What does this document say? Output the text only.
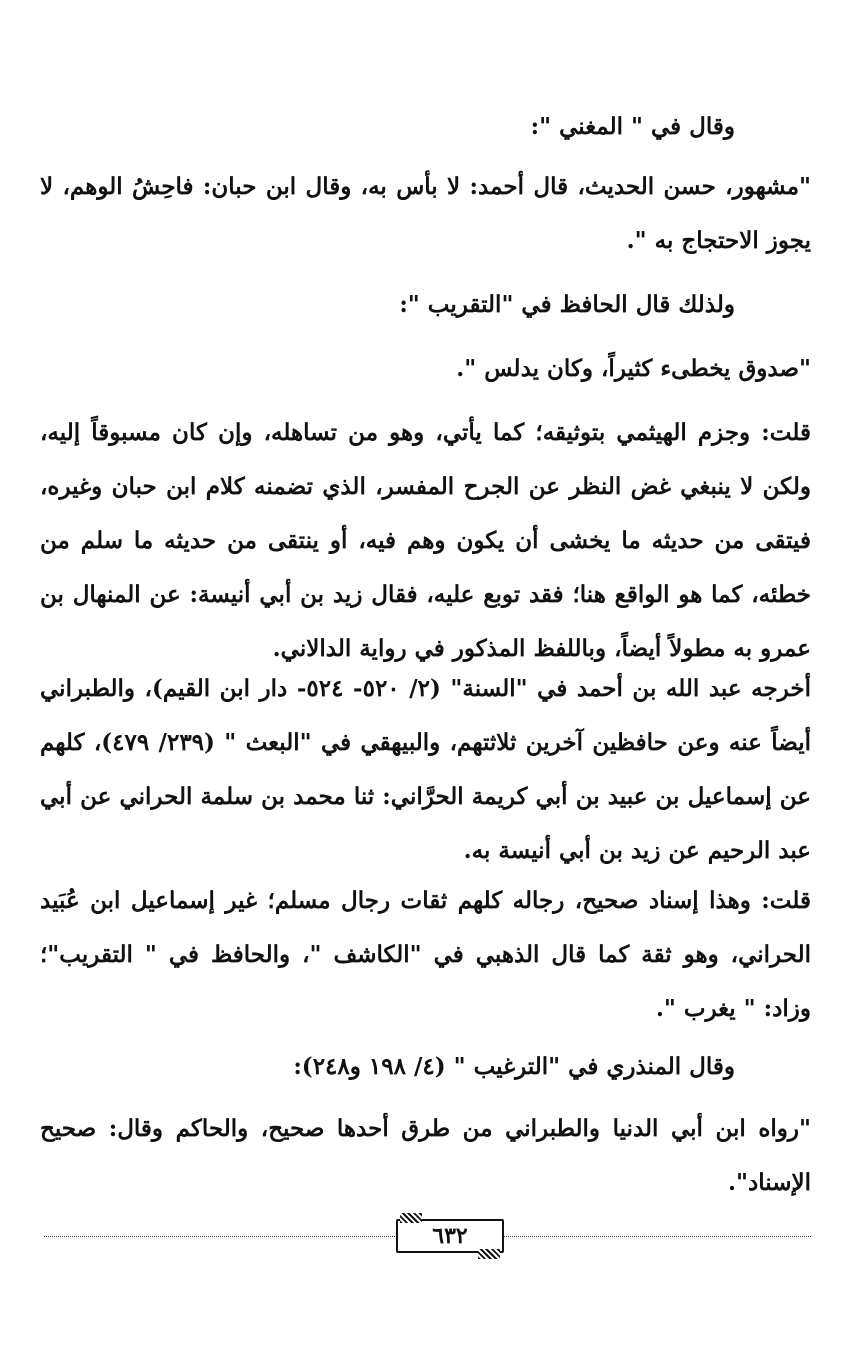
وقال في " المغني ":

"مشهور، حسن الحديث، قال أحمد: لا بأس به، وقال ابن حبان: فاحِشُ الوهم، لا يجوز الاحتجاج به ".

ولذلك قال الحافظ في "التقريب ":

"صدوق يخطىء كثيراً، وكان يدلس ".

قلت: وجزم الهيثمي بتوثيقه؛ كما يأتي، وهو من تساهله، وإن كان مسبوقاً إليه، ولكن لا ينبغي غض النظر عن الجرح المفسر، الذي تضمنه كلام ابن حبان وغيره، فيتقى من حديثه ما يخشى أن يكون وهم فيه، أو ينتقى من حديثه ما سلم من خطئه، كما هو الواقع هنا؛ فقد توبع عليه، فقال زيد بن أبي أنيسة: عن المنهال بن عمرو به مطولاً أيضاً، وباللفظ المذكور في رواية الدالاني.

أخرجه عبد الله بن أحمد في "السنة" (٢/ ٥٢٠- ٥٢٤- دار ابن القيم)، والطبراني أيضاً عنه وعن حافظين آخرين ثلاثتهم، والبيهقي في "البعث " (٢٣٩/ ٤٧٩)، كلهم عن إسماعيل بن عبيد بن أبي كريمة الحرَّاني: ثنا محمد بن سلمة الحراني عن أبي عبد الرحيم عن زيد بن أبي أنيسة به.

قلت: وهذا إسناد صحيح، رجاله كلهم ثقات رجال مسلم؛ غير إسماعيل ابن عُبَيد الحراني، وهو ثقة كما قال الذهبي في "الكاشف "، والحافظ في " التقريب"؛ وزاد: " يغرب ".

وقال المنذري في "الترغيب " (٤/ ١٩٨ و٢٤٨):

"رواه ابن أبي الدنيا والطبراني من طرق أحدها صحيح، والحاكم وقال: صحيح الإسناد".

٦٣٢
